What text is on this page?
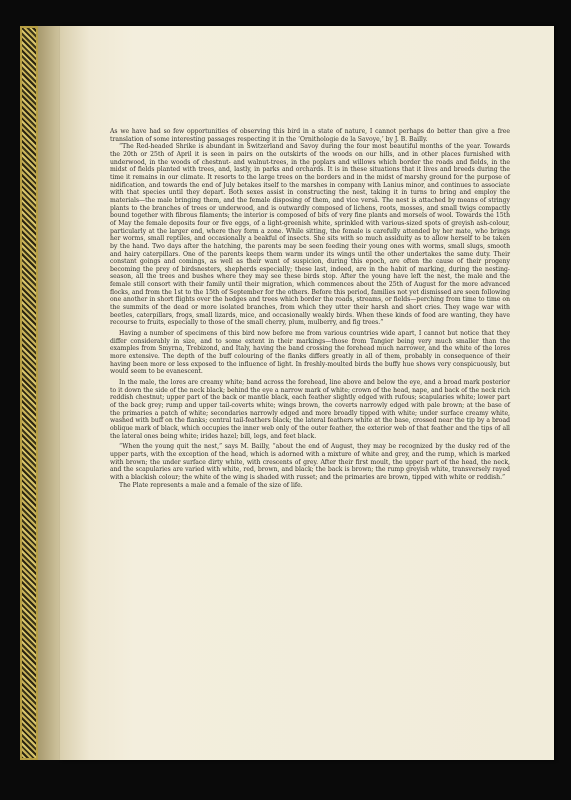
As we have had so few opportunities of observing this bird in a state of nature, I cannot perhaps do better than give a free translation of some interesting passages respecting it in the ‘Ornithologie de la Savoye,’ by J. B. Bailly.

“The Red-headed Shrike is abundant in Switzerland and Savoy during the four most beautiful months of the year. Towards the 20th or 25th of April it is seen in pairs on the outskirts of the woods on our hills, and in other places furnished with underwood, in the woods of chestnut- and walnut-trees, in the poplars and willows which border the roads and fields, in the midst of fields planted with trees, and, lastly, in parks and orchards. It is in these situations that it lives and breeds during the time it remains in our climate. It resorts to the large trees on the borders and in the midst of marshy ground for the purpose of nidification, and towards the end of July betakes itself to the marshes in company with Lanius minor, and continues to associate with that species until they depart. Both sexes assist in constructing the nest, taking it in turns to bring and employ the materials—the male bringing them, and the female disposing of them, and vice versâ. The nest is attached by means of stringy plants to the branches of trees or underwood, and is outwardly composed of lichens, roots, mosses, and small twigs compactly bound together with fibrous filaments; the interior is composed of bits of very fine plants and morsels of wool. Towards the 15th of May the female deposits four or five eggs, of a light-greenish white, sprinkled with various-sized spots of greyish ash-colour, particularly at the larger end, where they form a zone. While sitting, the female is carefully attended by her mate, who brings her worms, small reptiles, and occasionally a beakful of insects. She sits with so much assiduity as to allow herself to be taken by the hand. Two days after the hatching, the parents may be seen feeding their young ones with worms, small slugs, smooth and hairy caterpillars. One of the parents keeps them warm under its wings until the other undertakes the same duty. Their constant goings and comings, as well as their want of suspicion, during this epoch, are often the cause of their progeny becoming the prey of birdsnesters, shepherds especially; these last, indeed, are in the habit of marking, during the nesting-season, all the trees and bushes where they may see these birds stop. After the young have left the nest, the male and the female still consort with their family until their migration, which commences about the 25th of August for the more advanced flocks, and from the 1st to the 15th of September for the others. Before this period, families not yet dismissed are seen following one another in short flights over the hedges and trees which border the roads, streams, or fields—perching from time to time on the summits of the dead or more isolated branches, from which they utter their harsh and short cries. They wage war with beetles, caterpillars, frogs, small lizards, mice, and occasionally weakly birds. When these kinds of food are wanting, they have recourse to fruits, especially to those of the small cherry, plum, mulberry, and fig trees.”

Having a number of specimens of this bird now before me from various countries wide apart, I cannot but notice that they differ considerably in size, and to some extent in their markings—those from Tangier being very much smaller than the examples from Smyrna, Trebizond, and Italy, having the band crossing the forehead much narrower, and the white of the lores more extensive. The depth of the buff colouring of the flanks differs greatly in all of them, probably in consequence of their having been more or less exposed to the influence of light. In freshly-moulted birds the buffy hue shows very conspicuously, but would seem to be evanescent.

In the male, the lores are creamy white; band across the forehead, line above and below the eye, and a broad mark posterior to it down the side of the neck black; behind the eye a narrow mark of white; crown of the head, nape, and back of the neck rich reddish chestnut; upper part of the back or mantle black, each feather slightly edged with rufous; scapularies white; lower part of the back grey; rump and upper tail-coverts white; wings brown, the coverts narrowly edged with pale brown; at the base of the primaries a patch of white; secondaries narrowly edged and more broadly tipped with white; under surface creamy white, washed with buff on the flanks; central tail-feathers black; the lateral feathers white at the base, crossed near the tip by a broad oblique mark of black, which occupies the inner web only of the outer feather, the exterior web of that feather and the tips of all the lateral ones being white; irides hazel; bill, legs, and feet black.

“When the young quit the nest,” says M. Bailly, “about the end of August, they may be recognized by the dusky red of the upper parts, with the exception of the head, which is adorned with a mixture of white and grey, and the rump, which is marked with brown; the under surface dirty white, with crescents of grey. After their first moult, the upper part of the head, the neck, and the scapularies are varied with white, red, brown, and black; the back is brown; the rump greyish white, transversely rayed with a blackish colour; the white of the wing is shaded with russet; and the primaries are brown, tipped with white or reddish.”

The Plate represents a male and a female of the size of life.
